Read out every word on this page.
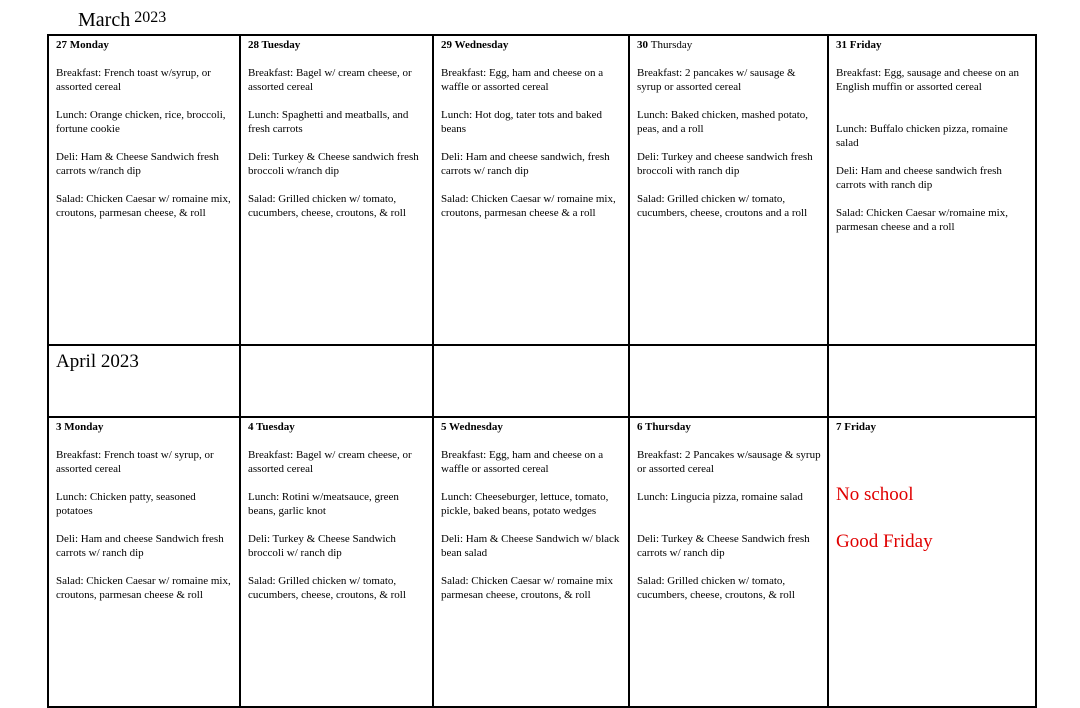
March $^{2023}$
27 Monday
Breakfast: French toast w/syrup, or assorted cereal
Lunch: Orange chicken, rice, broccoli, fortune cookie
Deli: Ham & Cheese Sandwich fresh carrots w/ranch dip
Salad: Chicken Caesar w/ romaine mix, croutons, parmesan cheese, & roll
28 Tuesday
Breakfast: Bagel w/ cream cheese, or assorted cereal
Lunch: Spaghetti and meatballs, and fresh carrots
Deli: Turkey & Cheese sandwich fresh broccoli w/ranch dip
Salad: Grilled chicken w/ tomato, cucumbers, cheese, croutons, & roll
29 Wednesday
Breakfast: Egg, ham and cheese on a waffle or assorted cereal
Lunch: Hot dog, tater tots and baked beans
Deli: Ham and cheese sandwich, fresh carrots w/ ranch dip
Salad: Chicken Caesar w/ romaine mix, croutons, parmesan cheese & a roll
30 Thursday
Breakfast: 2 pancakes w/ sausage & syrup or assorted cereal
Lunch: Baked chicken, mashed potato, peas, and a roll
Deli: Turkey and cheese sandwich fresh broccoli with ranch dip
Salad: Grilled chicken w/ tomato, cucumbers, cheese, croutons and a roll
31 Friday
Breakfast: Egg, sausage and cheese on an English muffin or assorted cereal
Lunch: Buffalo chicken pizza, romaine salad
Deli: Ham and cheese sandwich fresh carrots with ranch dip
Salad: Chicken Caesar w/romaine mix, parmesan cheese and a roll
April 2023
3 Monday
Breakfast: French toast w/ syrup, or assorted cereal
Lunch: Chicken patty, seasoned potatoes
Deli: Ham and cheese Sandwich fresh carrots w/ ranch dip
Salad: Chicken Caesar w/ romaine mix, croutons, parmesan cheese & roll
4 Tuesday
Breakfast: Bagel w/ cream cheese, or assorted cereal
Lunch: Rotini w/meatsauce, green beans, garlic knot
Deli: Turkey & Cheese Sandwich broccoli w/ ranch dip
Salad: Grilled chicken w/ tomato, cucumbers, cheese, croutons, & roll
5 Wednesday
Breakfast: Egg, ham and cheese on a waffle or assorted cereal
Lunch: Cheeseburger, lettuce, tomato, pickle, baked beans, potato wedges
Deli: Ham & Cheese Sandwich w/ black bean salad
Salad: Chicken Caesar w/ romaine mix parmesan cheese, croutons, & roll
6 Thursday
Breakfast: 2 Pancakes w/sausage & syrup or assorted cereal
Lunch: Lingucia pizza, romaine salad
Deli: Turkey & Cheese Sandwich fresh carrots w/ ranch dip
Salad: Grilled chicken w/ tomato, cucumbers, cheese, croutons, & roll
7 Friday
No school
Good Friday
